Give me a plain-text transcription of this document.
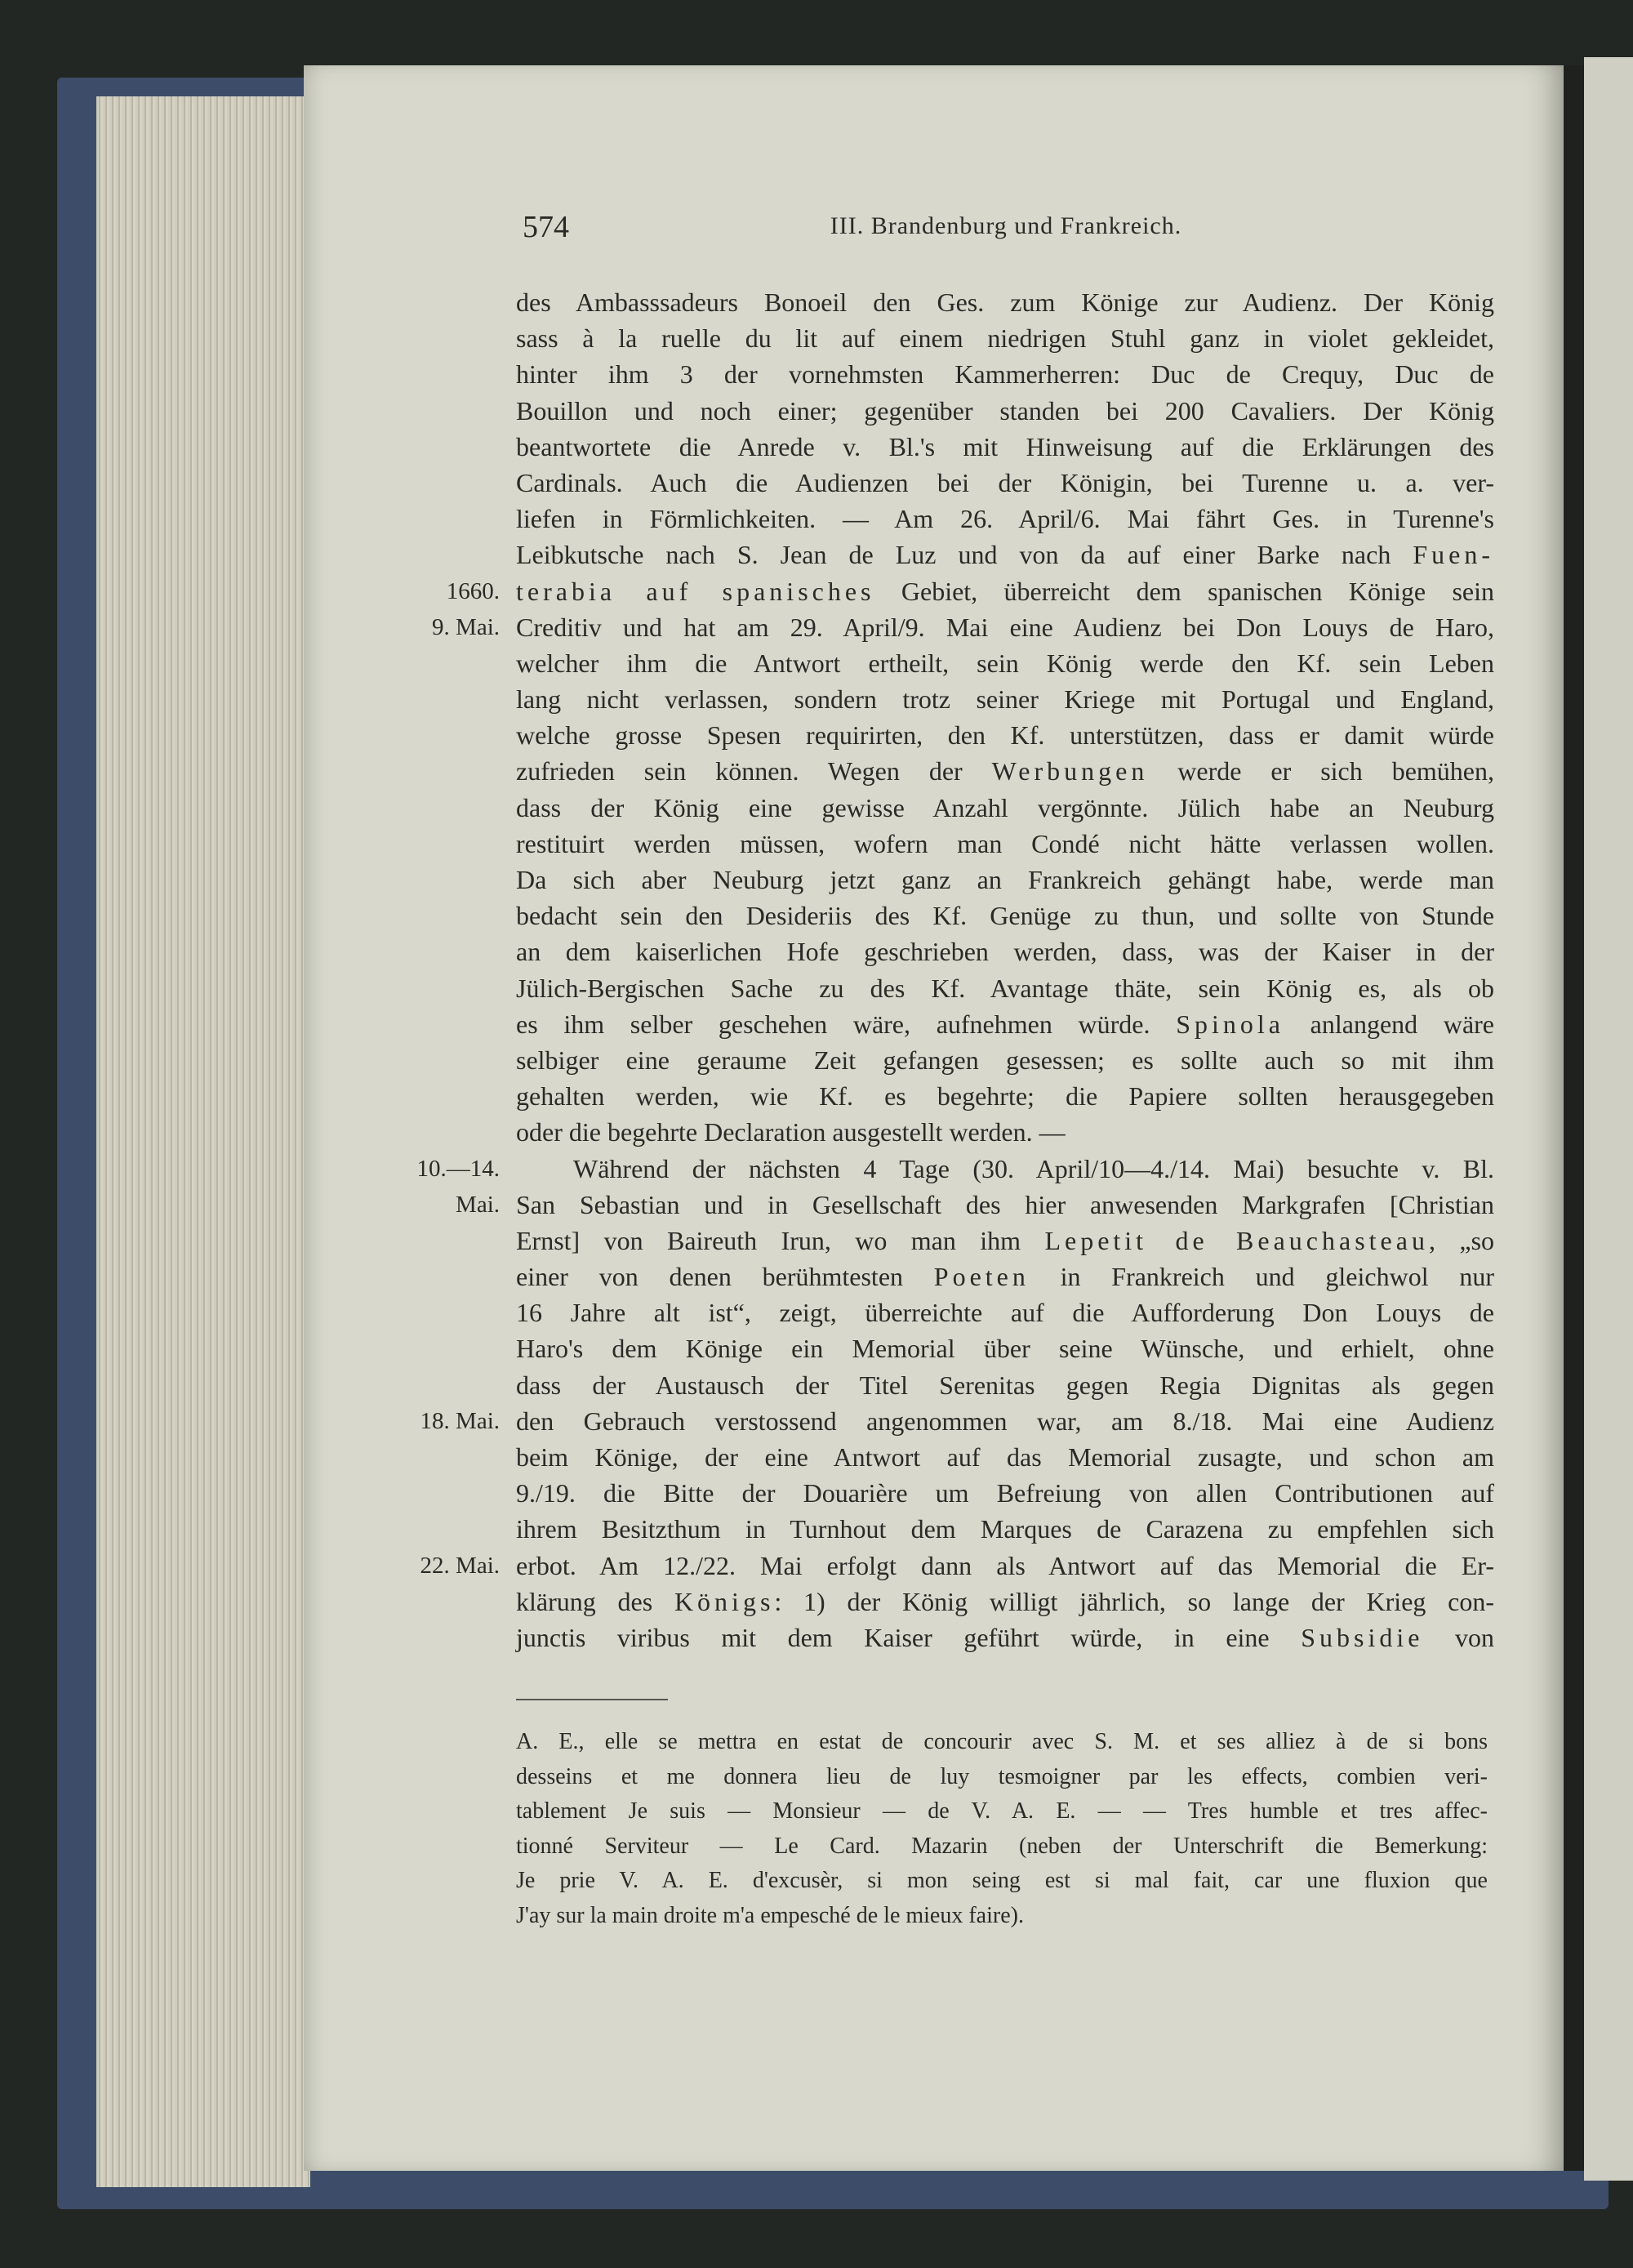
574	III. Brandenburg und Frankreich.
des Ambasssadeurs Bonoeil den Ges. zum Könige zur Audienz. Der König
sass à la ruelle du lit auf einem niedrigen Stuhl ganz in violet gekleidet,
hinter ihm 3 der vornehmsten Kammerherren: Duc de Crequy, Duc de
Bouillon und noch einer; gegenüber standen bei 200 Cavaliers. Der König
beantwortete die Anrede v. Bl.'s mit Hinweisung auf die Erklärungen des
Cardinals. Auch die Audienzen bei der Königin, bei Turenne u. a. ver-
liefen in Förmlichkeiten. — Am 26. April/6. Mai fährt Ges. in Turenne's
Leibkutsche nach S. Jean de Luz und von da auf einer Barke nach Fuen-
1660. terabia auf spanisches Gebiet, überreicht dem spanischen Könige sein
9. Mai. Creditiv und hat am 29. April/9. Mai eine Audienz bei Don Louys de Haro,
welcher ihm die Antwort ertheilt, sein König werde den Kf. sein Leben
lang nicht verlassen, sondern trotz seiner Kriege mit Portugal und England,
welche grosse Spesen requirirten, den Kf. unterstützen, dass er damit würde
zufrieden sein können. Wegen der Werbungen werde er sich bemühen,
dass der König eine gewisse Anzahl vergönnte. Jülich habe an Neuburg
restituirt werden müssen, wofern man Condé nicht hätte verlassen wollen.
Da sich aber Neuburg jetzt ganz an Frankreich gehängt habe, werde man
bedacht sein den Desideriis des Kf. Genüge zu thun, und sollte von Stunde
an dem kaiserlichen Hofe geschrieben werden, dass, was der Kaiser in der
Jülich-Bergischen Sache zu des Kf. Avantage thäte, sein König es, als ob
es ihm selber geschehen wäre, aufnehmen würde. Spinola anlangend wäre
selbiger eine geraume Zeit gefangen gesessen; es sollte auch so mit ihm
gehalten werden, wie Kf. es begehrte; die Papiere sollten herausgegeben
oder die begehrte Declaration ausgestellt werden. —
10.—14.	Während der nächsten 4 Tage (30. April/10—4./14. Mai) besuchte v. Bl.
Mai. San Sebastian und in Gesellschaft des hier anwesenden Markgrafen [Christian
Ernst] von Baireuth Irun, wo man ihm Lepetit de Beauchasteau, „so
einer von denen berühmtesten Poeten in Frankreich und gleichwol nur
16 Jahre alt ist“, zeigt, überreichte auf die Aufforderung Don Louys de
Haro's dem Könige ein Memorial über seine Wünsche, und erhielt, ohne
dass der Austausch der Titel Serenitas gegen Regia Dignitas als gegen
18. Mai. den Gebrauch verstossend angenommen war, am 8./18. Mai eine Audienz
beim Könige, der eine Antwort auf das Memorial zusagte, und schon am
9./19. die Bitte der Douarière um Befreiung von allen Contributionen auf
ihrem Besitzthum in Turnhout dem Marques de Carazena zu empfehlen sich
22. Mai. erbot. Am 12./22. Mai erfolgt dann als Antwort auf das Memorial die Er-
klärung des Königs: 1) der König willigt jährlich, so lange der Krieg con-
junctis viribus mit dem Kaiser geführt würde, in eine Subsidie von
A. E., elle se mettra en estat de concourir avec S. M. et ses alliez à de si bons
desseins et me donnera lieu de luy tesmoigner par les effects, combien veri-
tablement Je suis — Monsieur — de V. A. E. — — Tres humble et tres affec-
tionné Serviteur — Le Card. Mazarin (neben der Unterschrift die Bemerkung:
Je prie V. A. E. d'excusèr, si mon seing est si mal fait, car une fluxion que
J'ay sur la main droite m'a empesché de le mieux faire).
